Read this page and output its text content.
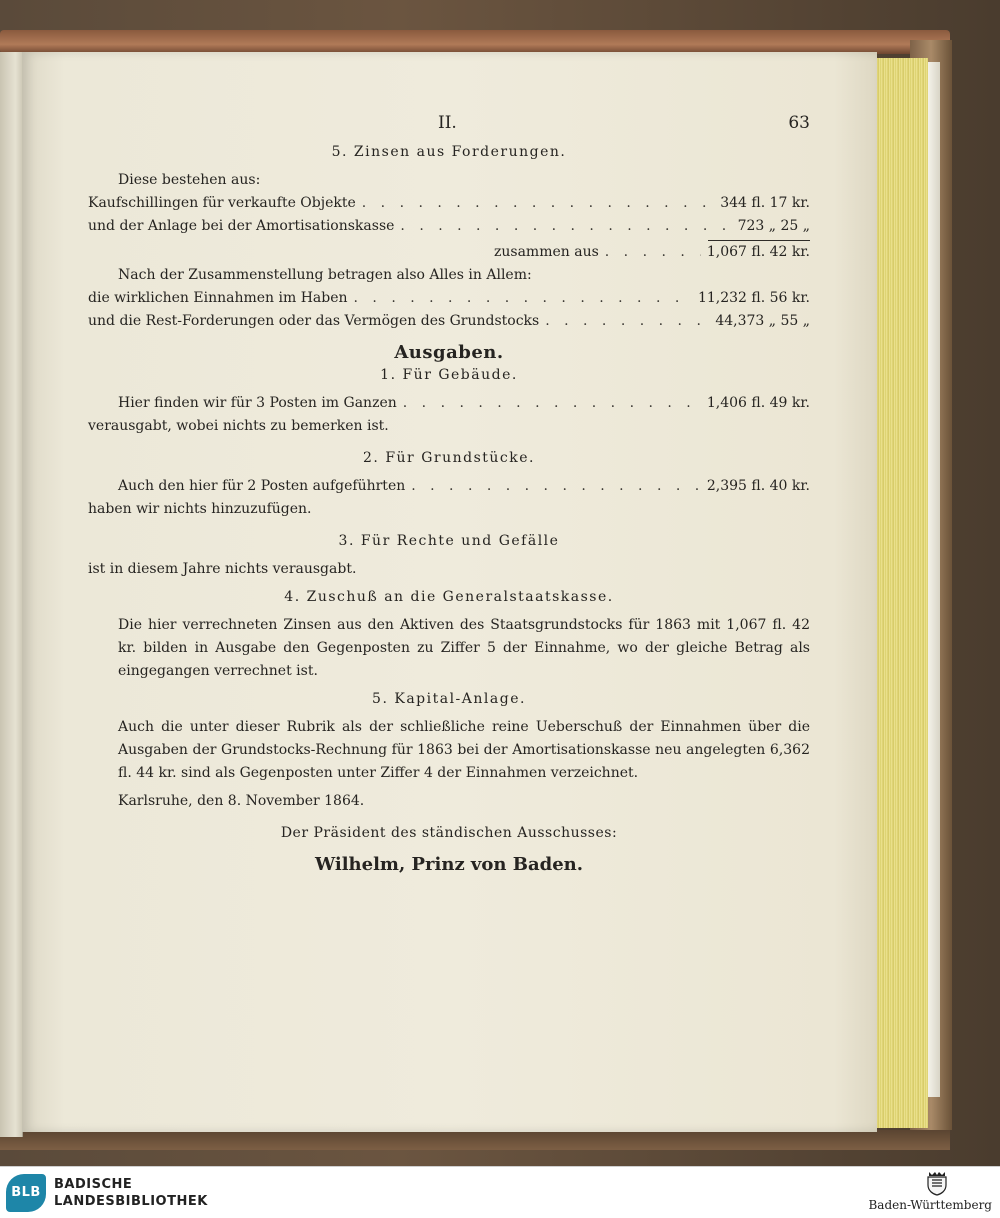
II.	63
5. Zinsen aus Forderungen.
Diese bestehen aus:
Kaufschillingen für verkaufte Objekte . . .	344 fl. 17 kr.
und der Anlage bei der Amortisationskasse . . .	723 „ 25 „
zusammen aus . . .	1,067 fl. 42 kr.
Nach der Zusammenstellung betragen also Alles in Allem:
die wirklichen Einnahmen im Haben . . .	11,232 fl. 56 kr.
und die Rest-Forderungen oder das Vermögen des Grundstocks . . .	44,373 „ 55 „
Ausgaben.
1. Für Gebäude.
Hier finden wir für 3 Posten im Ganzen . . .	1,406 fl. 49 kr.
verausgabt, wobei nichts zu bemerken ist.
2. Für Grundstücke.
Auch den hier für 2 Posten aufgeführten . . .	2,395 fl. 40 kr.
haben wir nichts hinzuzufügen.
3. Für Rechte und Gefälle
ist in diesem Jahre nichts verausgabt.
4. Zuschuß an die Generalstaatskasse.
Die hier verrechneten Zinsen aus den Aktiven des Staatsgrundstocks für 1863 mit 1,067 fl. 42 kr. bilden in Ausgabe den Gegenposten zu Ziffer 5 der Einnahme, wo der gleiche Betrag als eingegangen verrechnet ist.
5. Kapital-Anlage.
Auch die unter dieser Rubrik als der schließliche reine Ueberschuß der Einnahmen über die Ausgaben der Grundstocks-Rechnung für 1863 bei der Amortisationskasse neu angelegten 6,362 fl. 44 kr. sind als Gegenposten unter Ziffer 4 der Einnahmen verzeichnet.
Karlsruhe, den 8. November 1864.
Der Präsident des ständischen Ausschusses:
Wilhelm, Prinz von Baden.
BLB
BADISCHE
LANDESBIBLIOTHEK	Baden-Württemberg
